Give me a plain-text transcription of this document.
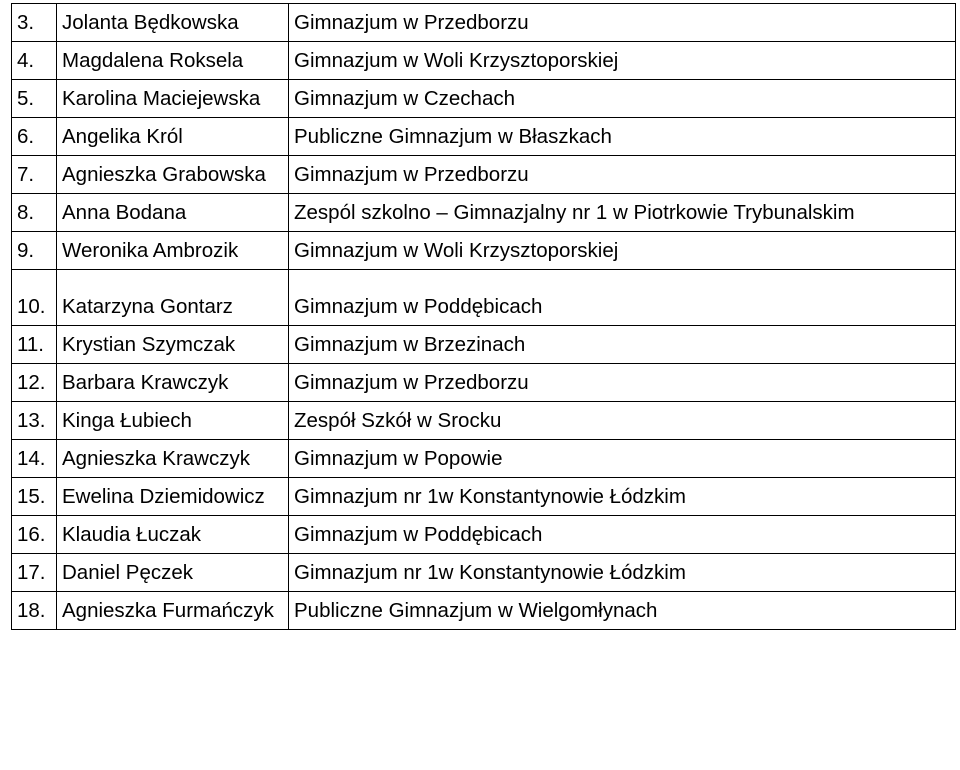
3.	Jolanta Będkowska	Gimnazjum w Przedborzu
4.	Magdalena Roksela	Gimnazjum w Woli Krzysztoporskiej
5.	Karolina Maciejewska	Gimnazjum w Czechach
6.	Angelika Król	Publiczne Gimnazjum w Błaszkach
7.	Agnieszka Grabowska	Gimnazjum w Przedborzu
8.	Anna Bodana	Zespól szkolno – Gimnazjalny nr 1 w Piotrkowie Trybunalskim
9.	Weronika Ambrozik	Gimnazjum w Woli Krzysztoporskiej
10.	Katarzyna Gontarz	Gimnazjum w Poddębicach
11.	Krystian Szymczak	Gimnazjum w Brzezinach
12.	Barbara Krawczyk	Gimnazjum w Przedborzu
13.	Kinga Łubiech	Zespół Szkół w Srocku
14.	Agnieszka Krawczyk	Gimnazjum w Popowie
15.	Ewelina Dziemidowicz	Gimnazjum nr 1w Konstantynowie Łódzkim
16.	Klaudia Łuczak	Gimnazjum w Poddębicach
17.	Daniel Pęczek	Gimnazjum nr 1w Konstantynowie Łódzkim
18.	Agnieszka Furmańczyk	Publiczne Gimnazjum w Wielgomłynach
